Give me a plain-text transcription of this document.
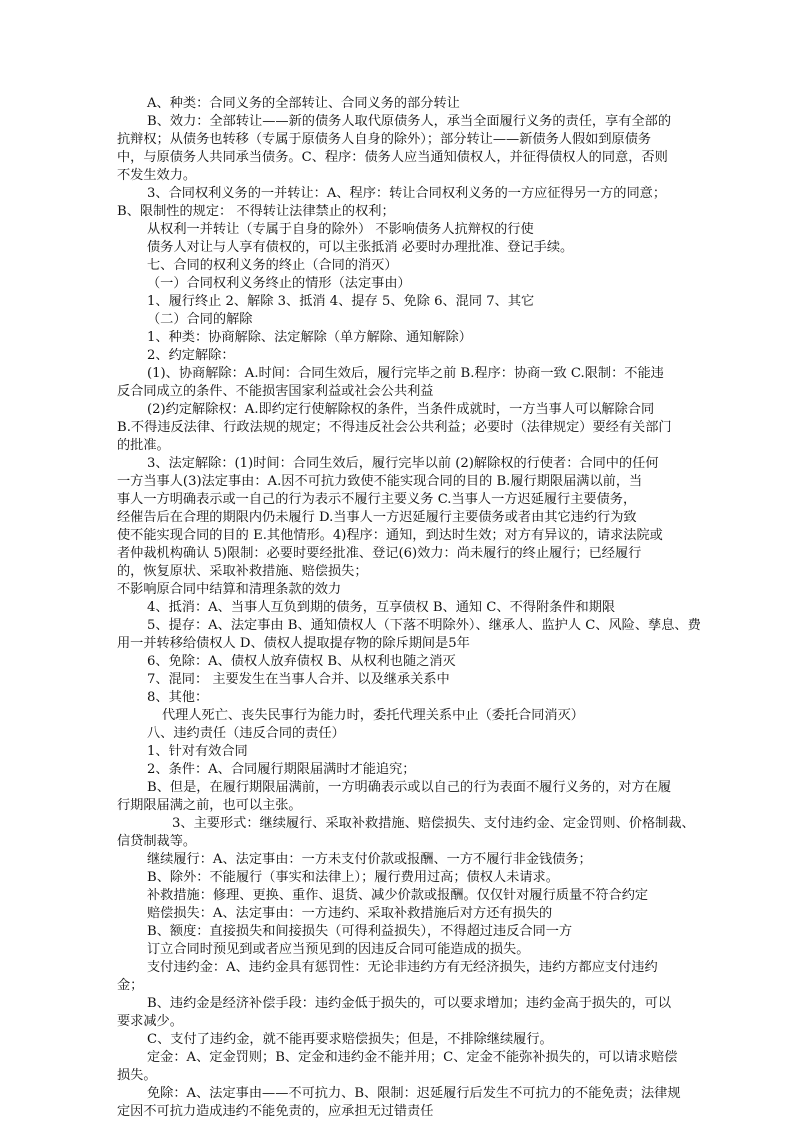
A、种类：合同义务的全部转让、合同义务的部分转让
B、效力：全部转让——新的债务人取代原债务人，承当全面履行义务的责任，享有全部的
抗辩权；从债务也转移（专属于原债务人自身的除外）；部分转让——新债务人假如到原债务
中，与原债务人共同承当债务。C、程序：债务人应当通知债权人，并征得债权人的同意，否则
不发生效力。
3、合同权利义务的一并转让：A、程序：转让合同权利义务的一方应征得另一方的同意；
B、限制性的规定： 不得转让法律禁止的权利；
从权利一并转让（专属于自身的除外） 不影响债务人抗辩权的行使
债务人对让与人享有债权的，可以主张抵消 必要时办理批准、登记手续。
七、合同的权利义务的终止（合同的消灭）
（一）合同权利义务终止的情形（法定事由）
1、履行终止 2、解除 3、抵消 4、提存 5、免除 6、混同 7、其它
（二）合同的解除
1、种类：协商解除、法定解除（单方解除、通知解除）
2、约定解除：
(1)、协商解除：A.时间：合同生效后，履行完毕之前 B.程序：协商一致 C.限制：不能违
反合同成立的条件、不能损害国家利益或社会公共利益
(2)约定解除权：A.即约定行使解除权的条件，当条件成就时，一方当事人可以解除合同
B.不得违反法律、行政法规的规定；不得违反社会公共利益；必要时（法律规定）要经有关部门
的批准。
3、法定解除：(1)时间：合同生效后，履行完毕以前 (2)解除权的行使者：合同中的任何
一方当事人(3)法定事由：A.因不可抗力致使不能实现合同的目的 B.履行期限届满以前，当
事人一方明确表示或一自己的行为表示不履行主要义务 C.当事人一方迟延履行主要债务，
经催告后在合理的期限内仍未履行 D.当事人一方迟延履行主要债务或者由其它违约行为致
使不能实现合同的目的 E.其他情形。4)程序：通知，到达时生效；对方有异议的，请求法院或
者仲裁机构确认 5)限制：必要时要经批准、登记(6)效力：尚未履行的终止履行；已经履行
的，恢复原状、采取补救措施、赔偿损失；
不影响原合同中结算和清理条款的效力
4、抵消：A、当事人互负到期的债务，互享债权 B、通知 C、不得附条件和期限
5、提存：A、法定事由 B、通知债权人（下落不明除外）、继承人、监护人 C、风险、孳息、费
用一并转移给债权人 D、债权人提取提存物的除斥期间是5年
6、免除：A、债权人放弃债权 B、从权利也随之消灭
7、混同： 主要发生在当事人合并、以及继承关系中
8、其他：
代理人死亡、丧失民事行为能力时，委托代理关系中止（委托合同消灭）
八、违约责任（违反合同的责任）
1、针对有效合同
2、条件：A、合同履行期限届满时才能追究；
B、但是，在履行期限届满前，一方明确表示或以自己的行为表面不履行义务的，对方在履
行期限届满之前，也可以主张。
3、主要形式：继续履行、采取补救措施、赔偿损失、支付违约金、定金罚则、价格制裁、
信贷制裁等。
继续履行：A、法定事由：一方未支付价款或报酬、一方不履行非金钱债务；
B、除外：不能履行（事实和法律上）；履行费用过高；债权人未请求。
补救措施：修理、更换、重作、退货、减少价款或报酬。仅仅针对履行质量不符合约定
赔偿损失：A、法定事由：一方违约、采取补救措施后对方还有损失的
B、额度：直接损失和间接损失（可得利益损失），不得超过违反合同一方
订立合同时预见到或者应当预见到的因违反合同可能造成的损失。
支付违约金：A、违约金具有惩罚性：无论非违约方有无经济损失，违约方都应支付违约
金；
B、违约金是经济补偿手段：违约金低于损失的，可以要求增加；违约金高于损失的，可以
要求减少。
C、支付了违约金，就不能再要求赔偿损失；但是，不排除继续履行。
定金：A、定金罚则；B、定金和违约金不能并用；C、定金不能弥补损失的，可以请求赔偿
损失。
免除：A、法定事由——不可抗力、B、限制：迟延履行后发生不可抗力的不能免责；法律规
定因不可抗力造成违约不能免责的，应承担无过错责任
